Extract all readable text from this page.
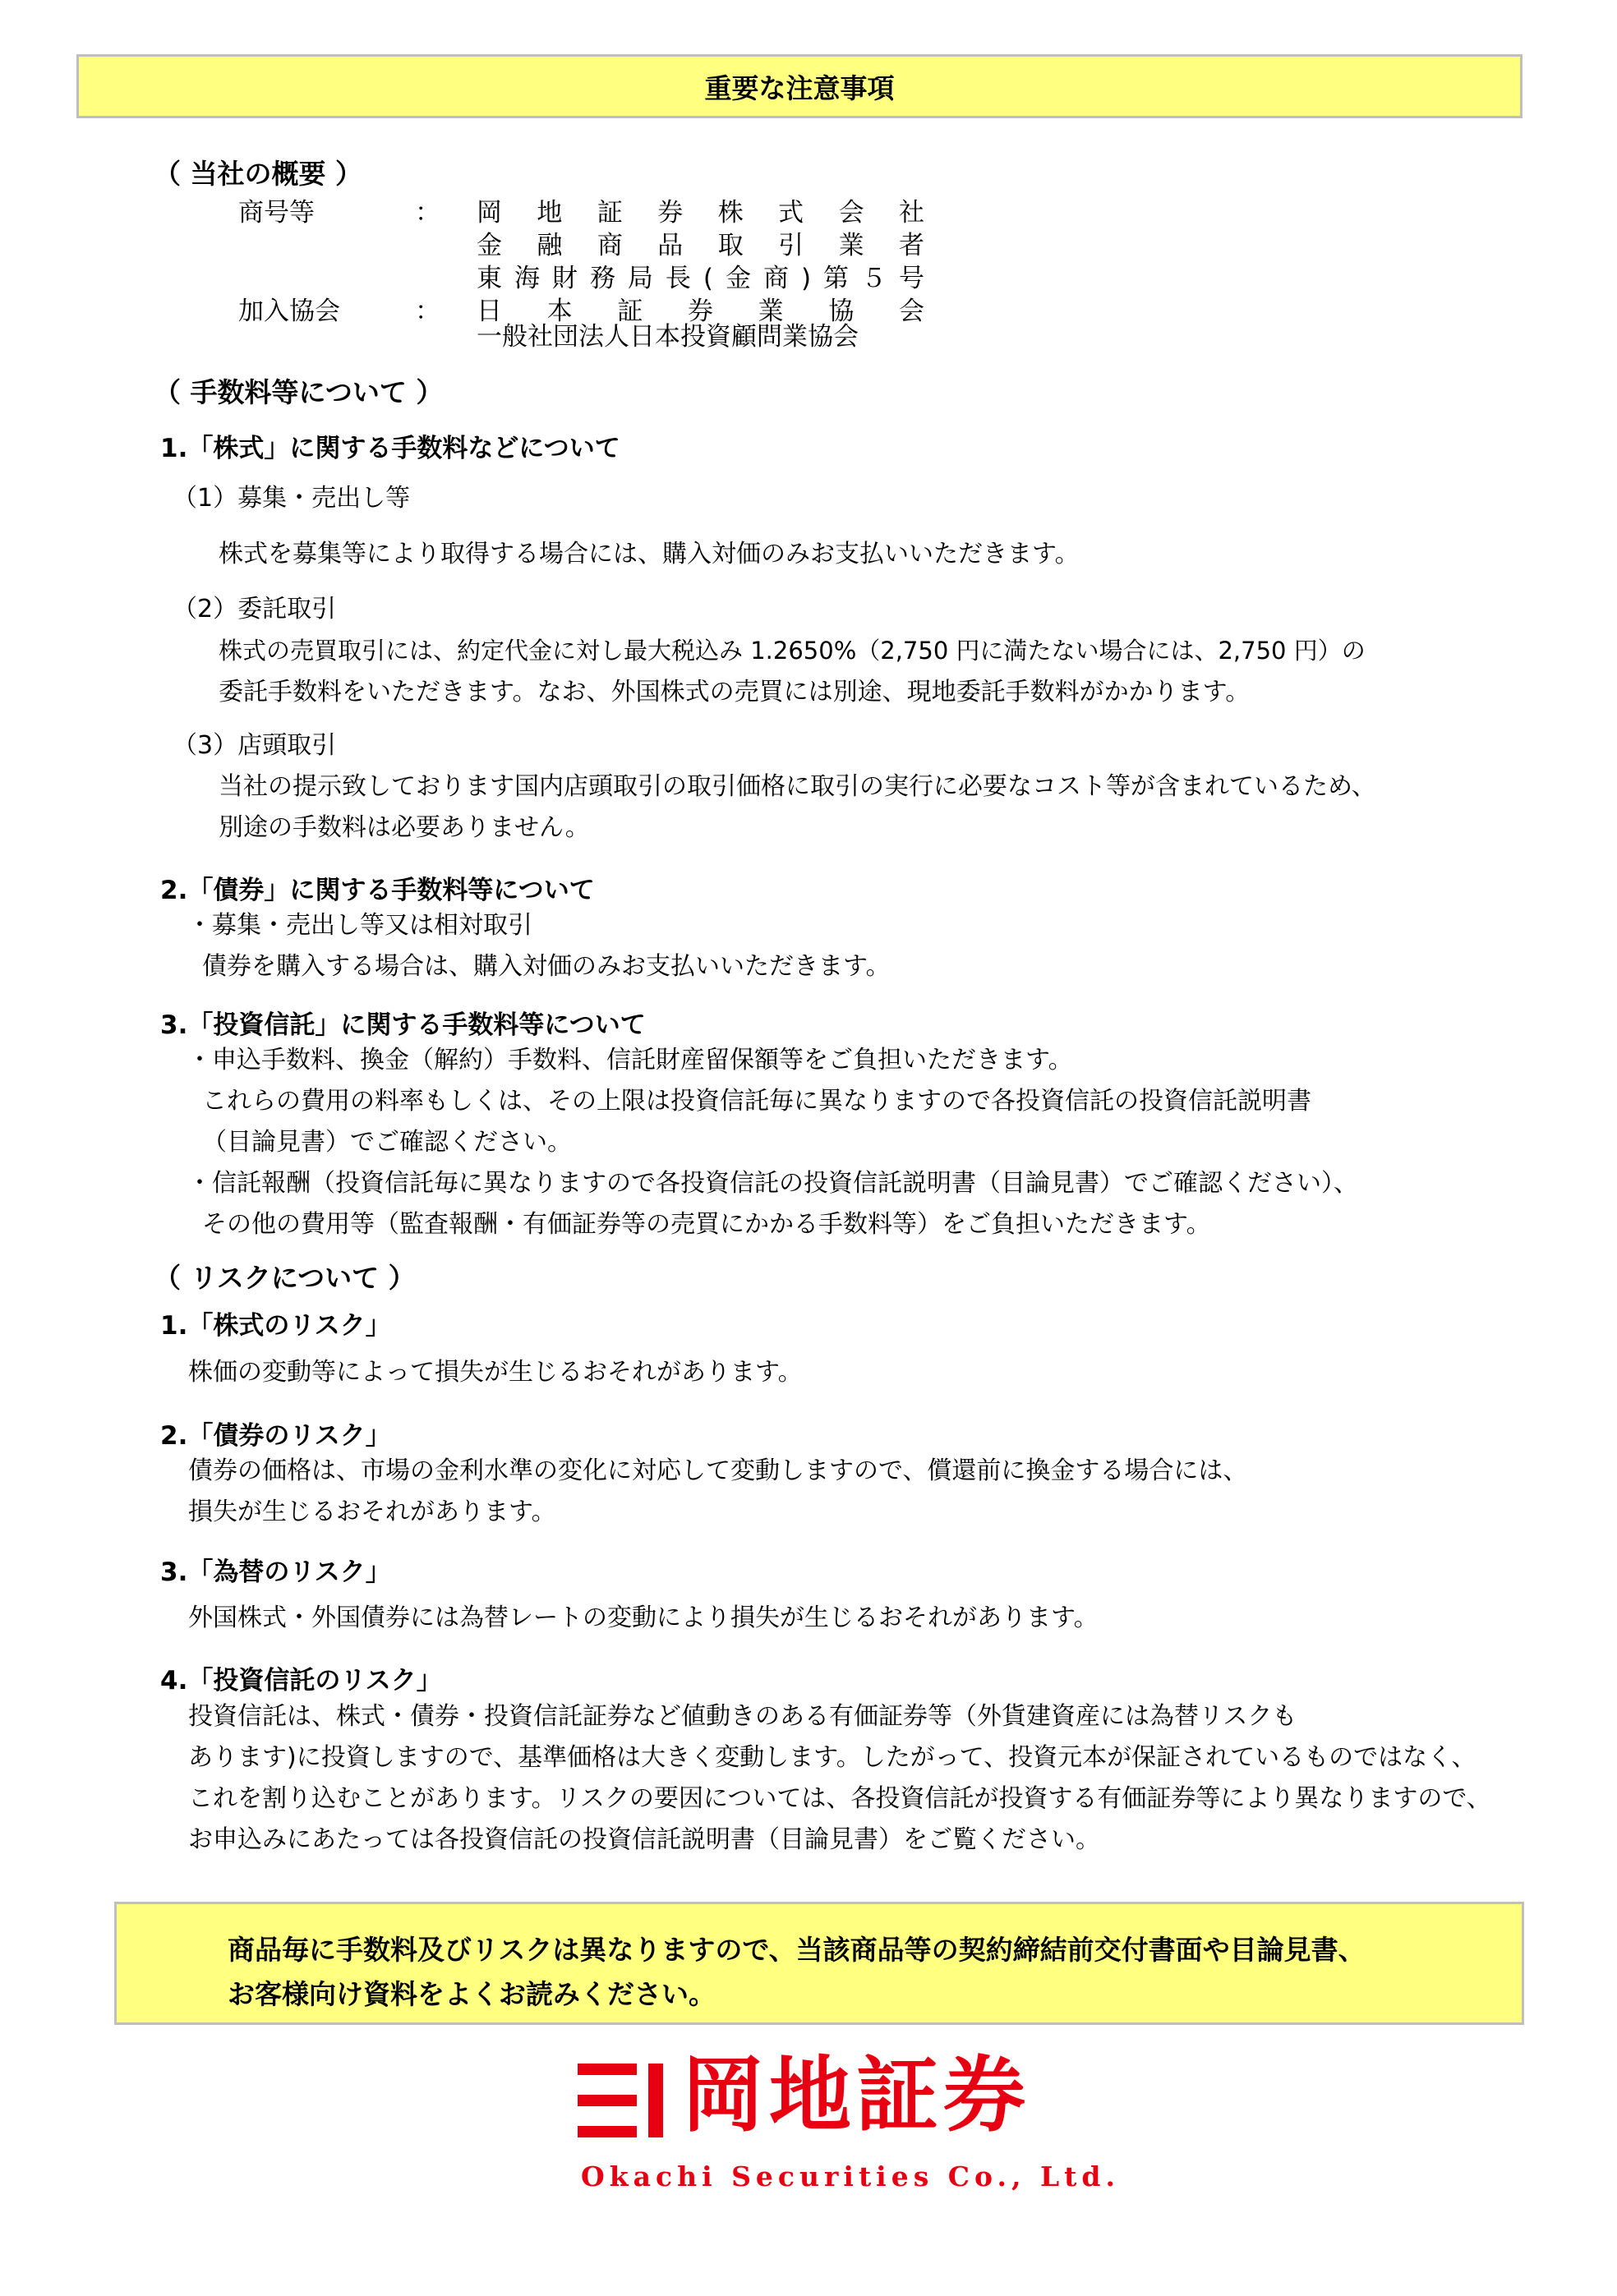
重要な注意事項
（ 当社の概要 ）
商号等	： 岡地証券株式会社
金融商品取引業者
東海財務局長(金商)第５号
加入協会	： 日本証券業協会
一般社団法人日本投資顧問業協会
（ 手数料等について ）
1.「株式」に関する手数料などについて
（1）募集・売出し等
株式を募集等により取得する場合には、購入対価のみお支払いいただきます。
（2）委託取引
株式の売買取引には、約定代金に対し最大税込み 1.2650%（2,750 円に満たない場合には、2,750 円）の
委託手数料をいただきます。なお、外国株式の売買には別途、現地委託手数料がかかります。
（3）店頭取引
当社の提示致しております国内店頭取引の取引価格に取引の実行に必要なコスト等が含まれているため、
別途の手数料は必要ありません。
2.「債券」に関する手数料等について
・募集・売出し等又は相対取引
債券を購入する場合は、購入対価のみお支払いいただきます。
3.「投資信託」に関する手数料等について
・申込手数料、換金（解約）手数料、信託財産留保額等をご負担いただきます。
これらの費用の料率もしくは、その上限は投資信託毎に異なりますので各投資信託の投資信託説明書
（目論見書）でご確認ください。
・信託報酬（投資信託毎に異なりますので各投資信託の投資信託説明書（目論見書）でご確認ください）、
その他の費用等（監査報酬・有価証券等の売買にかかる手数料等）をご負担いただきます。
（ リスクについて ）
1.「株式のリスク」
株価の変動等によって損失が生じるおそれがあります。
2.「債券のリスク」
債券の価格は、市場の金利水準の変化に対応して変動しますので、償還前に換金する場合には、
損失が生じるおそれがあります。
3.「為替のリスク」
外国株式・外国債券には為替レートの変動により損失が生じるおそれがあります。
4.「投資信託のリスク」
投資信託は、株式・債券・投資信託証券など値動きのある有価証券等（外貨建資産には為替リスクも
あります)に投資しますので、基準価格は大きく変動します。したがって、投資元本が保証されているものではなく、
これを割り込むことがあります。リスクの要因については、各投資信託が投資する有価証券等により異なりますので、
お申込みにあたっては各投資信託の投資信託説明書（目論見書）をご覧ください。
商品毎に手数料及びリスクは異なりますので、当該商品等の契約締結前交付書面や目論見書、
お客様向け資料をよくお読みください。
岡地証券
Okachi Securities Co., Ltd.
